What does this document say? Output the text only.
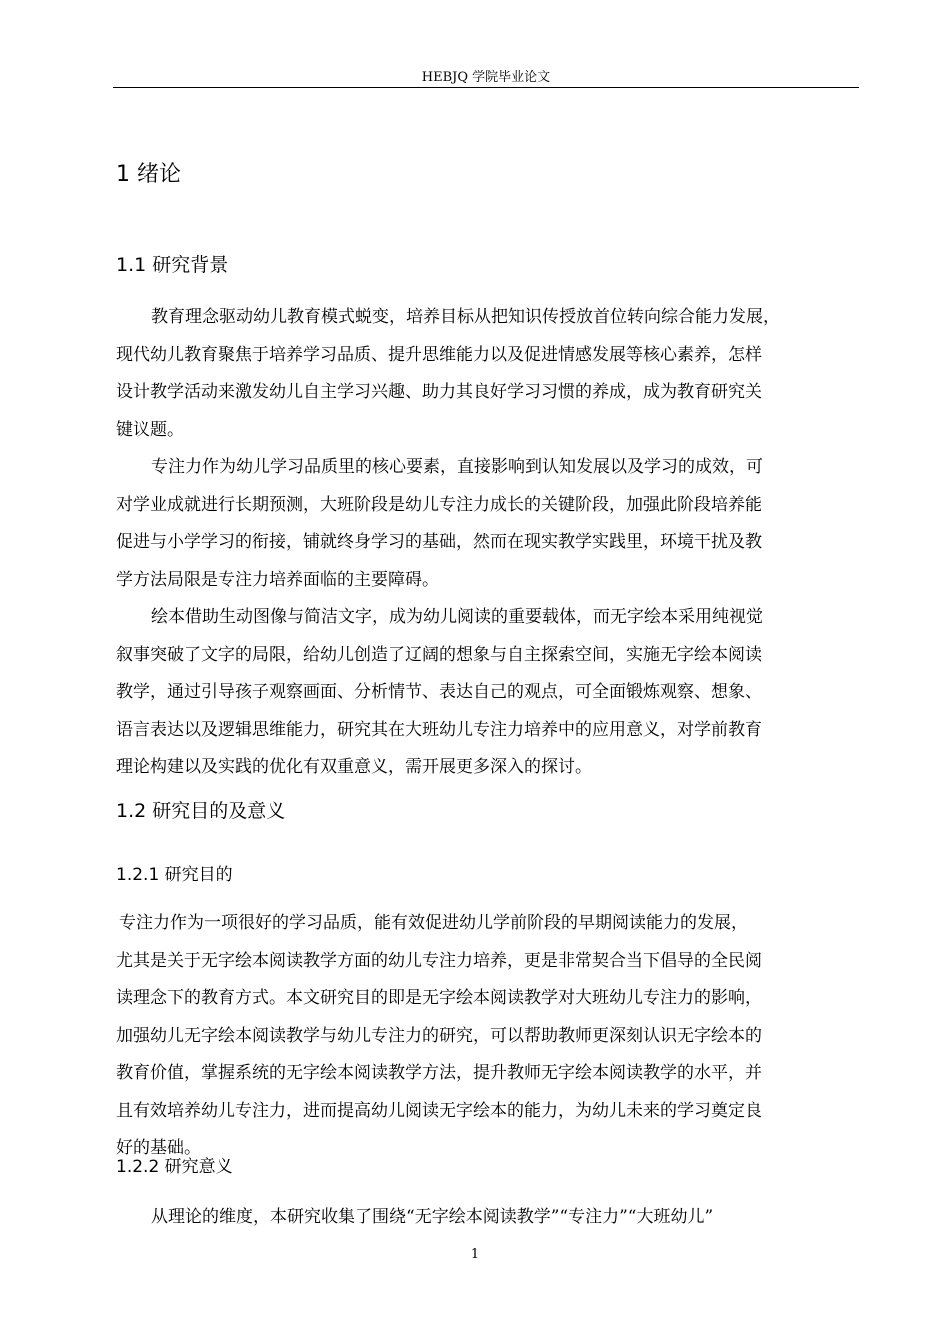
HEBJQ 学院毕业论文
1 绪论
1.1 研究背景
教育理念驱动幼儿教育模式蜕变，培养目标从把知识传授放首位转向综合能力发展，
现代幼儿教育聚焦于培养学习品质、提升思维能力以及促进情感发展等核心素养，怎样
设计教学活动来激发幼儿自主学习兴趣、助力其良好学习习惯的养成，成为教育研究关
键议题。
专注力作为幼儿学习品质里的核心要素，直接影响到认知发展以及学习的成效，可
对学业成就进行长期预测，大班阶段是幼儿专注力成长的关键阶段，加强此阶段培养能
促进与小学学习的衔接，铺就终身学习的基础，然而在现实教学实践里，环境干扰及教
学方法局限是专注力培养面临的主要障碍。
绘本借助生动图像与简洁文字，成为幼儿阅读的重要载体，而无字绘本采用纯视觉
叙事突破了文字的局限，给幼儿创造了辽阔的想象与自主探索空间，实施无字绘本阅读
教学，通过引导孩子观察画面、分析情节、表达自己的观点，可全面锻炼观察、想象、
语言表达以及逻辑思维能力，研究其在大班幼儿专注力培养中的应用意义，对学前教育
理论构建以及实践的优化有双重意义，需开展更多深入的探讨。
1.2 研究目的及意义
1.2.1 研究目的
专注力作为一项很好的学习品质，能有效促进幼儿学前阶段的早期阅读能力的发展，
尤其是关于无字绘本阅读教学方面的幼儿专注力培养，更是非常契合当下倡导的全民阅
读理念下的教育方式。本文研究目的即是无字绘本阅读教学对大班幼儿专注力的影响，
加强幼儿无字绘本阅读教学与幼儿专注力的研究，可以帮助教师更深刻认识无字绘本的
教育价值，掌握系统的无字绘本阅读教学方法，提升教师无字绘本阅读教学的水平，并
且有效培养幼儿专注力，进而提高幼儿阅读无字绘本的能力，为幼儿未来的学习奠定良
好的基础。
1.2.2 研究意义
从理论的维度，本研究收集了围绕“无字绘本阅读教学”“专注力”“大班幼儿”
1
